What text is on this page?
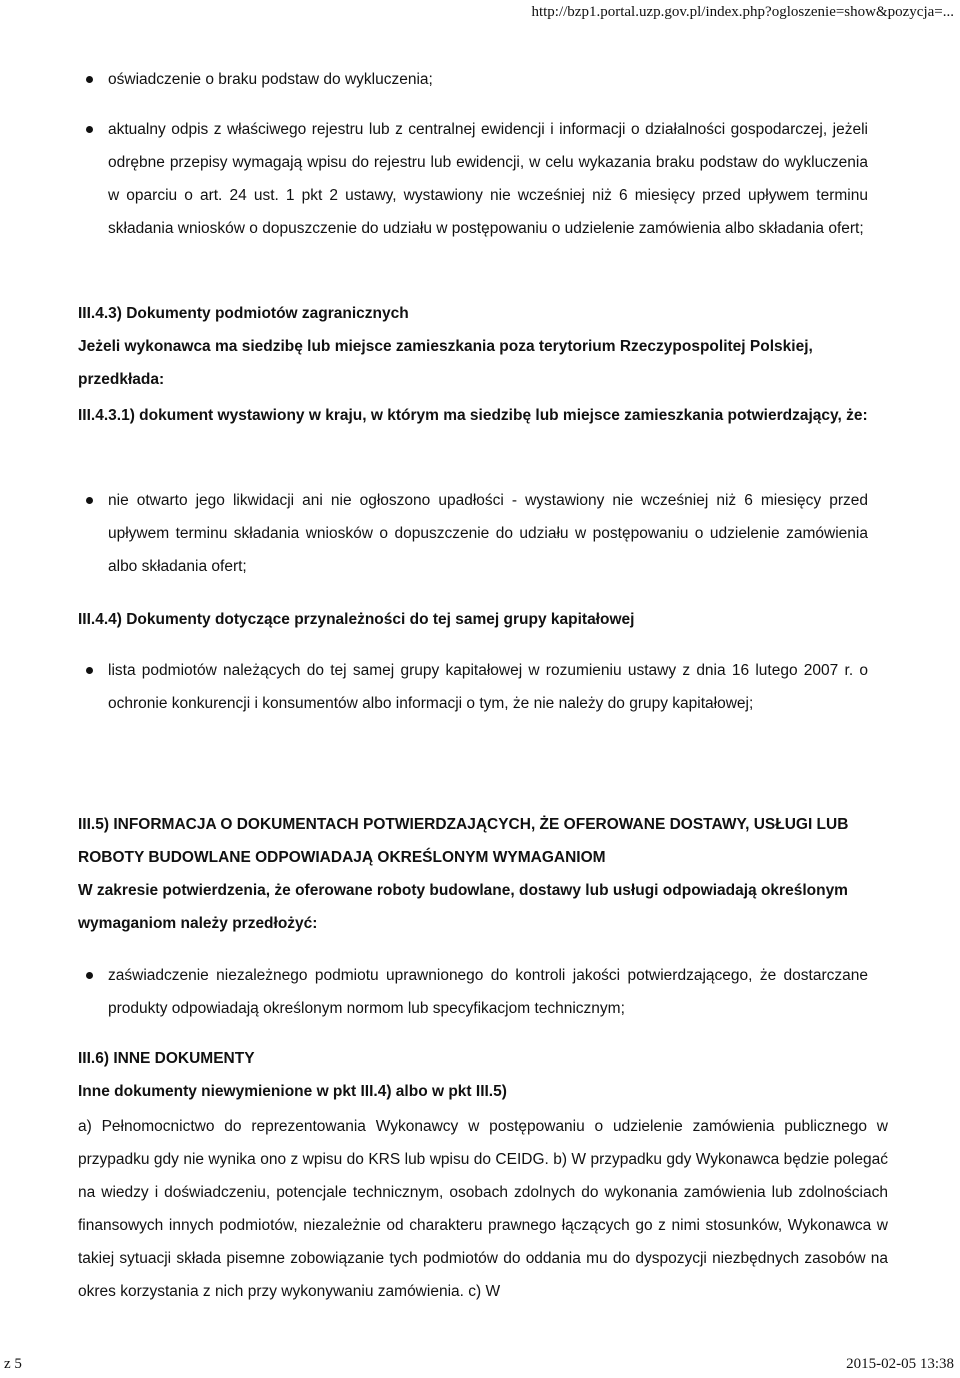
http://bzp1.portal.uzp.gov.pl/index.php?ogloszenie=show&pozycja=...
oświadczenie o braku podstaw do wykluczenia;
aktualny odpis z właściwego rejestru lub z centralnej ewidencji i informacji o działalności gospodarczej, jeżeli odrębne przepisy wymagają wpisu do rejestru lub ewidencji, w celu wykazania braku podstaw do wykluczenia w oparciu o art. 24 ust. 1 pkt 2 ustawy, wystawiony nie wcześniej niż 6 miesięcy przed upływem terminu składania wniosków o dopuszczenie do udziału w postępowaniu o udzielenie zamówienia albo składania ofert;
III.4.3) Dokumenty podmiotów zagranicznych
Jeżeli wykonawca ma siedzibę lub miejsce zamieszkania poza terytorium Rzeczypospolitej Polskiej, przedkłada:
III.4.3.1) dokument wystawiony w kraju, w którym ma siedzibę lub miejsce zamieszkania potwierdzający, że:
nie otwarto jego likwidacji ani nie ogłoszono upadłości - wystawiony nie wcześniej niż 6 miesięcy przed upływem terminu składania wniosków o dopuszczenie do udziału w postępowaniu o udzielenie zamówienia albo składania ofert;
III.4.4) Dokumenty dotyczące przynależności do tej samej grupy kapitałowej
lista podmiotów należących do tej samej grupy kapitałowej w rozumieniu ustawy z dnia 16 lutego 2007 r. o ochronie konkurencji i konsumentów albo informacji o tym, że nie należy do grupy kapitałowej;
III.5) INFORMACJA O DOKUMENTACH POTWIERDZAJĄCYCH, ŻE OFEROWANE DOSTAWY, USŁUGI LUB ROBOTY BUDOWLANE ODPOWIADAJĄ OKREŚLONYM WYMAGANIOM
W zakresie potwierdzenia, że oferowane roboty budowlane, dostawy lub usługi odpowiadają określonym wymaganiom należy przedłożyć:
zaświadczenie niezależnego podmiotu uprawnionego do kontroli jakości potwierdzającego, że dostarczane produkty odpowiadają określonym normom lub specyfikacjom technicznym;
III.6) INNE DOKUMENTY
Inne dokumenty niewymienione w pkt III.4) albo w pkt III.5)
a) Pełnomocnictwo do reprezentowania Wykonawcy w postępowaniu o udzielenie zamówienia publicznego w przypadku gdy nie wynika ono z wpisu do KRS lub wpisu do CEIDG. b) W przypadku gdy Wykonawca będzie polegać na wiedzy i doświadczeniu, potencjale technicznym, osobach zdolnych do wykonania zamówienia lub zdolnościach finansowych innych podmiotów, niezależnie od charakteru prawnego łączących go z nimi stosunków, Wykonawca w takiej sytuacji składa pisemne zobowiązanie tych podmiotów do oddania mu do dyspozycji niezbędnych zasobów na okres korzystania z nich przy wykonywaniu zamówienia. c) W
z 5	2015-02-05 13:38
